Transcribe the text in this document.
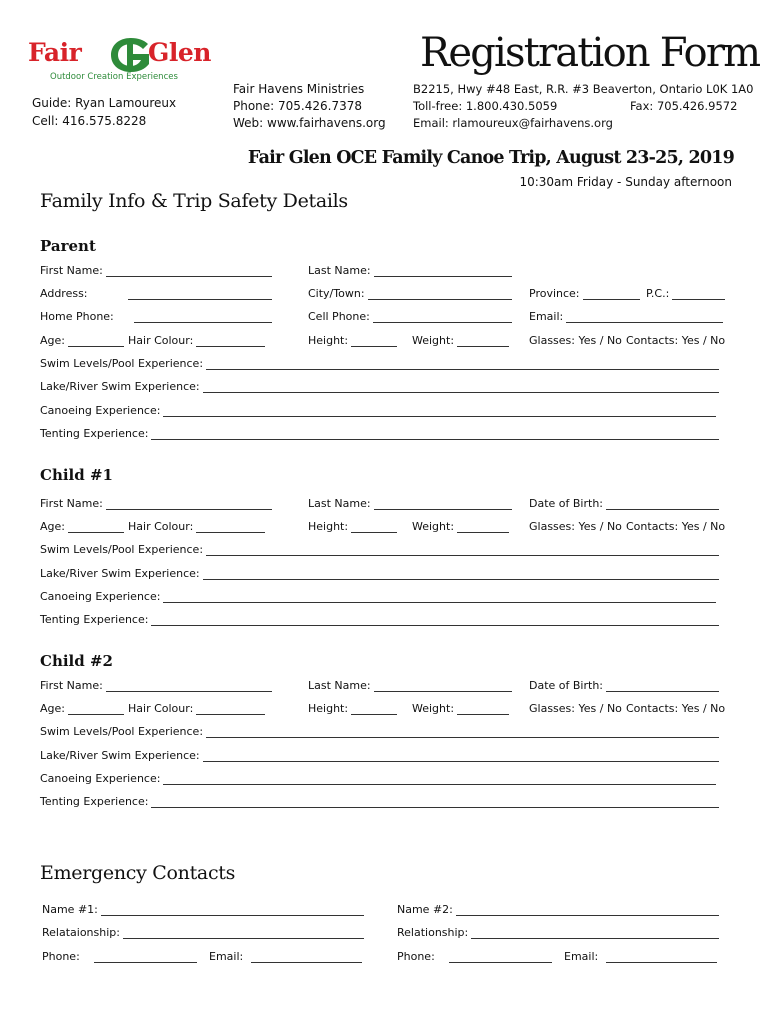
Fair	Glen
Outdoor Creation Experiences
Guide: Ryan Lamoureux
Cell: 416.575.8228
Fair Havens Ministries
Phone: 705.426.7378
Web: www.fairhavens.org
Registration Form
B2215, Hwy #48 East, R.R. #3 Beaverton, Ontario L0K 1A0
Toll-free: 1.800.430.5059	Fax: 705.426.9572
Email: rlamoureux@fairhavens.org
Fair Glen OCE Family Canoe Trip, August 23-25, 2019
10:30am Friday - Sunday afternoon
Family Info & Trip Safety Details
Parent
First Name:	Last Name:
Address:	City/Town:	Province:	P.C.:
Home Phone:	Cell Phone:	Email:
Age:	Hair Colour:	Height:	Weight:	Glasses: Yes / No Contacts: Yes / No
Swim Levels/Pool Experience:
Lake/River Swim Experience:
Canoeing Experience:
Tenting Experience:
Child #1
First Name:	Last Name:	Date of Birth:
Age:	Hair Colour:	Height:	Weight:	Glasses: Yes / No Contacts: Yes / No
Swim Levels/Pool Experience:
Lake/River Swim Experience:
Canoeing Experience:
Tenting Experience:
Child #2
First Name:	Last Name:	Date of Birth:
Age:	Hair Colour:	Height:	Weight:	Glasses: Yes / No Contacts: Yes / No
Swim Levels/Pool Experience:
Lake/River Swim Experience:
Canoeing Experience:
Tenting Experience:
Emergency Contacts
Name #1:	Name #2:
Relataionship:	Relationship:
Phone:	Email:	Phone:	Email:
